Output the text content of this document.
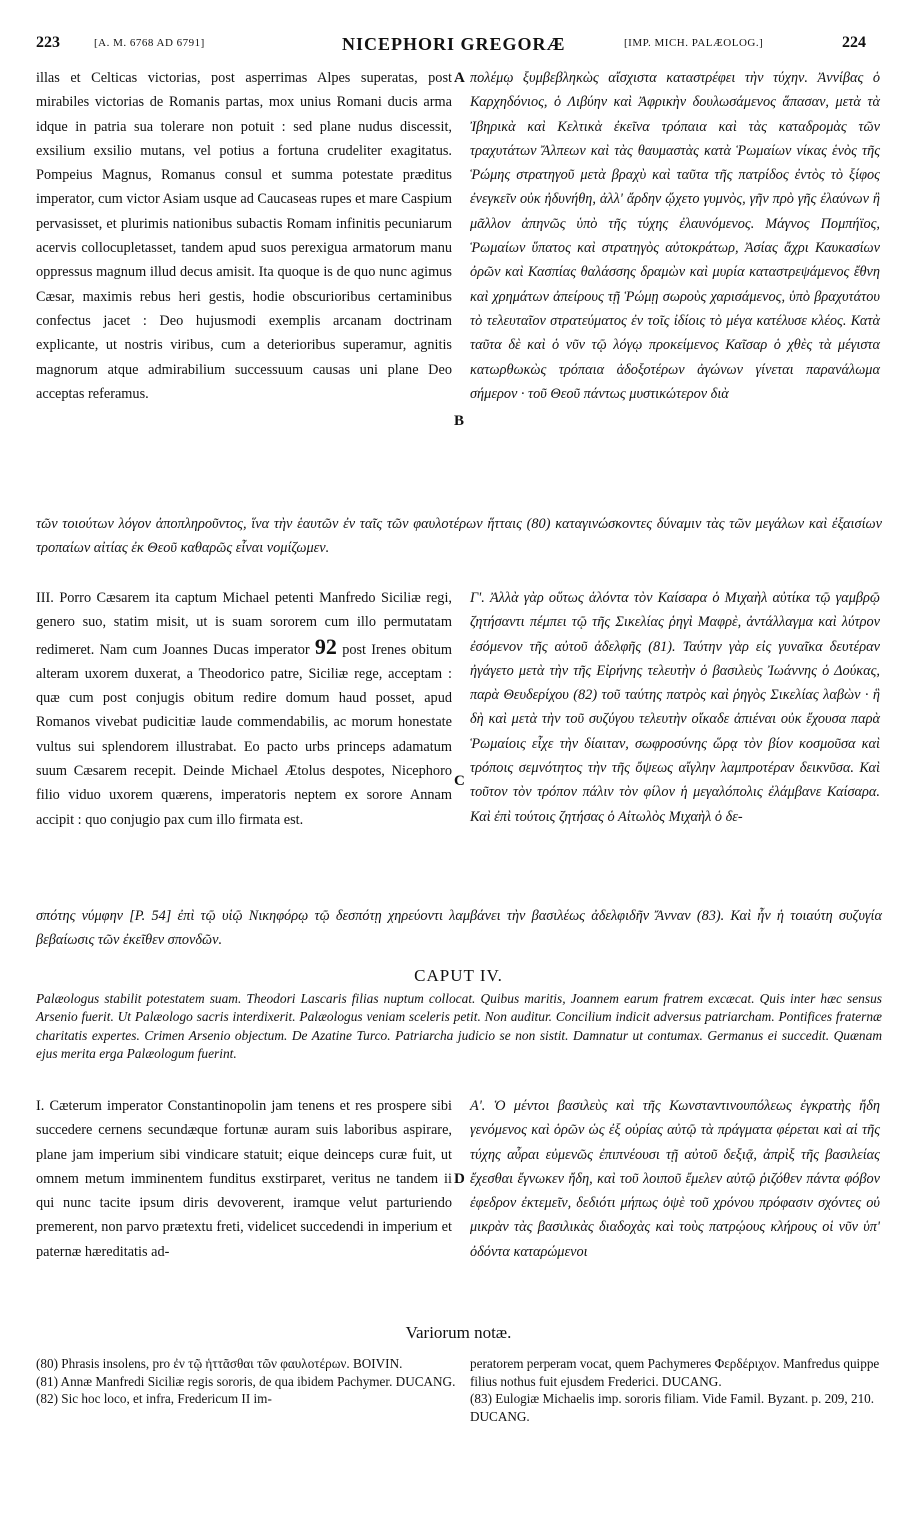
223	[A. M. 6768 AD 6791]	NICEPHORI GREGORÆ	[IMP. MICH. PALÆOLOG.]	224
A
B
C
D

illas et Celticas victorias, post asperrimas Alpes superatas, post mirabiles victorias de Romanis partas, mox unius Romani ducis arma idque in patria sua tolerare non potuit : sed plane nudus discessit, exsilium exsilio mutans, vel potius a fortuna crudeliter exagitatus. Pompeius Magnus, Romanus consul et summa potestate præditus imperator, cum victor Asiam usque ad Caucaseas rupes et mare Caspium pervasisset, et plurimis nationibus subactis Romam infinitis pecuniarum acervis collocupletasset, tandem apud suos perexigua armatorum manu oppressus magnum illud decus amisit. Ita quoque is de quo nunc agimus Cæsar, maximis rebus heri gestis, hodie obscurioribus certaminibus confectus jacet : Deo hujusmodi exemplis arcanam doctrinam explicante, ut nostris viribus, cum a deterioribus superamur, agnitis magnorum atque admirabilium successuum causas uni plane Deo acceptas referamus.

πολέμῳ ξυμβεβληκὼς αἴσχιστα καταστρέφει τὴν τύχην. Ἀννίβας ὁ Καρχηδόνιος, ὁ Λιβύην καὶ Ἀφρικὴν δουλωσάμενος ἅπασαν, μετὰ τὰ Ἰβηρικὰ καὶ Κελτικὰ ἐκεῖνα τρόπαια καὶ τὰς καταδρομὰς τῶν τραχυτάτων Ἄλπεων καὶ τὰς θαυμαστὰς κατὰ Ῥωμαίων νίκας ἑνὸς τῆς Ῥώμης στρατηγοῦ μετὰ βραχὺ καὶ ταῦτα τῆς πατρίδος ἐντὸς τὸ ξίφος ἐνεγκεῖν οὐκ ἠδυνήθη, ἀλλ' ἄρδην ᾤχετο γυμνὸς, γῆν πρὸ γῆς ἐλαύνων ἢ μᾶλλον ἀπηνῶς ὑπὸ τῆς τύχης ἐλαυνόμενος. Μάγνος Πομπήϊος, Ῥωμαίων ὕπατος καὶ στρατηγὸς αὐτοκράτωρ, Ἀσίας ἄχρι Καυκασίων ὀρῶν καὶ Κασπίας θαλάσσης δραμὼν καὶ μυρία καταστρεψάμενος ἔθνη καὶ χρημάτων ἀπείρους τῇ Ῥώμῃ σωροὺς χαρισάμενος, ὑπὸ βραχυτάτου τὸ τελευταῖον στρατεύματος ἐν τοῖς ἰδίοις τὸ μέγα κατέλυσε κλέος. Κατὰ ταῦτα δὲ καὶ ὁ νῦν τῷ λόγῳ προκείμενος Καῖσαρ ὁ χθὲς τὰ μέγιστα κατωρθωκὼς τρόπαια ἀδοξοτέρων ἀγώνων γίνεται παρανάλωμα σήμερον · τοῦ Θεοῦ πάντως μυστικώτερον διὰ

τῶν τοιούτων λόγον ἀποπληροῦντος, ἵνα τὴν ἑαυτῶν ἐν ταῖς τῶν φαυλοτέρων ἥτταις (80) καταγινώσκοντες δύναμιν τὰς τῶν μεγάλων καὶ ἐξαισίων τροπαίων αἰτίας ἐκ Θεοῦ καθαρῶς εἶναι νομίζωμεν.

III. Porro Cæsarem ita captum Michael petenti Manfredo Siciliæ regi, genero suo, statim misit, ut is suam sororem cum illo permutatam redimeret. Nam cum Joannes Ducas imperator 92 post Irenes obitum alteram uxorem duxerat, a Theodorico patre, Siciliæ rege, acceptam : quæ cum post conjugis obitum redire domum haud posset, apud Romanos vivebat pudicitiæ laude commendabilis, ac morum honestate vultus sui splendorem illustrabat. Eo pacto urbs princeps adamatum suum Cæsarem recepit. Deinde Michael Ætolus despotes, Nicephoro filio viduo uxorem quærens, imperatoris neptem ex sorore Annam accipit : quo conjugio pax cum illo firmata est.

Γ'. Ἀλλὰ γὰρ οὕτως ἁλόντα τὸν Καίσαρα ὁ Μιχαὴλ αὐτίκα τῷ γαμβρῷ ζητήσαντι πέμπει τῷ τῆς Σικελίας ῥηγὶ Μαφρὲ, ἀντάλλαγμα καὶ λύτρον ἐσόμενον τῆς αὐτοῦ ἀδελφῆς (81). Ταύτην γὰρ εἰς γυναῖκα δευτέραν ἠγάγετο μετὰ τὴν τῆς Εἰρήνης τελευτὴν ὁ βασιλεὺς Ἰωάννης ὁ Δούκας, παρὰ Θευδερίχου (82) τοῦ ταύτης πατρὸς καὶ ῥηγὸς Σικελίας λαβὼν · ἣ δὴ καὶ μετὰ τὴν τοῦ συζύγου τελευτὴν οἴκαδε ἀπιέναι οὐκ ἔχουσα παρὰ Ῥωμαίοις εἶχε τὴν δίαιταν, σωφροσύνης ὥρᾳ τὸν βίον κοσμοῦσα καὶ τρόποις σεμνότητος τὴν τῆς ὄψεως αἴγλην λαμπροτέραν δεικνῦσα. Καὶ τοῦτον τὸν τρόπον πάλιν τὸν φίλον ἡ μεγαλόπολις ἐλάμβανε Καίσαρα. Καὶ ἐπὶ τούτοις ζητήσας ὁ Αἰτωλὸς Μιχαὴλ ὁ δε-

σπότης νύμφην [P. 54] ἐπὶ τῷ υἱῷ Νικηφόρῳ τῷ δεσπότῃ χηρεύοντι λαμβάνει τὴν βασιλέως ἀδελφιδῆν Ἄνναν (83). Καὶ ἦν ἡ τοιαύτη συζυγία βεβαίωσις τῶν ἐκεῖθεν σπονδῶν.

CAPUT IV.
Palæologus stabilit potestatem suam. Theodori Lascaris filias nuptum collocat. Quibus maritis, Joannem earum fratrem excæcat. Quis inter hæc sensus Arsenio fuerit. Ut Palæologo sacris interdixerit. Palæologus veniam sceleris petit. Non auditur. Concilium indicit adversus patriarcham. Pontifices fraternæ charitatis expertes. Crimen Arsenio objectum. De Azatine Turco. Patriarcha judicio se non sistit. Damnatur ut contumax. Germanus ei succedit. Quænam ejus merita erga Palæologum fuerint.

I. Cæterum imperator Constantinopolin jam tenens et res prospere sibi succedere cernens secundæque fortunæ auram suis laboribus aspirare, plane jam imperium sibi vindicare statuit; eique deinceps curæ fuit, ut omnem metum imminentem funditus exstirparet, veritus ne tandem ii qui nunc tacite ipsum diris devoverent, iramque velut parturiendo premerent, non parvo prætextu freti, videlicet succedendi in imperium et paternæ hæreditatis ad-

Α'. Ὁ μέντοι βασιλεὺς καὶ τῆς Κωνσταντινουπόλεως ἐγκρατὴς ἤδη γενόμενος καὶ ὁρῶν ὡς ἐξ οὐρίας αὐτῷ τὰ πράγματα φέρεται καὶ αἱ τῆς τύχης αὖραι εὐμενῶς ἐπιπνέουσι τῇ αὐτοῦ δεξιᾷ, ἀπρὶξ τῆς βασιλείας ἔχεσθαι ἔγνωκεν ἤδη, καὶ τοῦ λοιποῦ ἔμελεν αὐτῷ ῥιζόθεν πάντα φόβον ἐφεδρον ἐκτεμεῖν, δεδιότι μήπως ὀψὲ τοῦ χρόνου πρόφασιν σχόντες οὐ μικρὰν τὰς βασιλικὰς διαδοχὰς καὶ τοὺς πατρῴους κλήρους οἱ νῦν ὑπ' ὀδόντα καταρώμενοι

Variorum notæ.

(80) Phrasis insolens, pro ἐν τῷ ἡττᾶσθαι τῶν φαυλοτέρων. BOIVIN.

(81) Annæ Manfredi Siciliæ regis sororis, de qua ibidem Pachymer. DUCANG.

(82) Sic hoc loco, et infra, Fredericum II im-

peratorem perperam vocat, quem Pachymeres Φερδέριχον. Manfredus quippe filius nothus fuit ejusdem Frederici. DUCANG.

(83) Eulogiæ Michaelis imp. sororis filiam. Vide Famil. Byzant. p. 209, 210. DUCANG.
